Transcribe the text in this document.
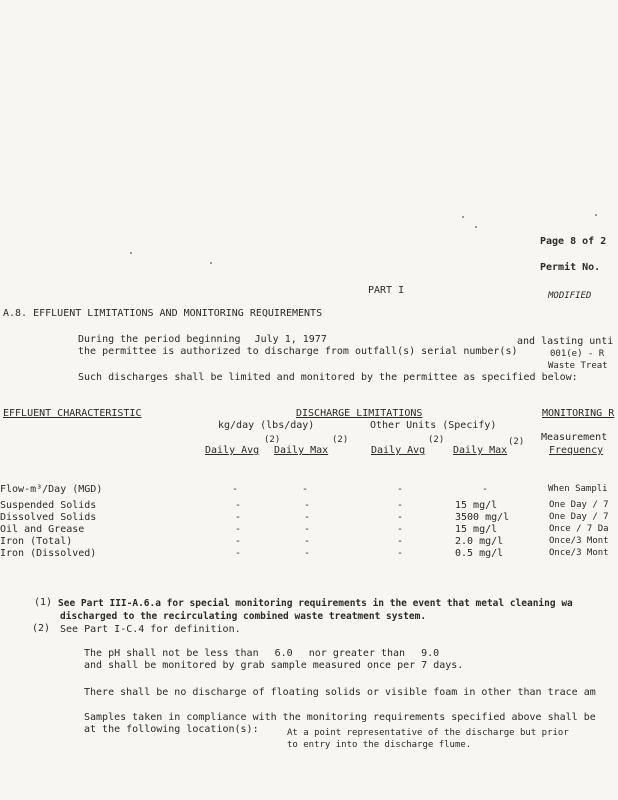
Page 8 of 2
Permit No.
MODIFIED
PART I
A.8. EFFLUENT LIMITATIONS AND MONITORING REQUIREMENTS
During the period beginning July 1, 1977	and lasting unti
the permittee is authorized to discharge from outfall(s) serial number(s)	001(e) - R
Waste Treat
Such discharges shall be limited and monitored by the permittee as specified below:
EFFLUENT CHARACTERISTIC	DISCHARGE LIMITATIONS	MONITORING R
kg/day (lbs/day)	Other Units (Specify)
(2)	(2)	(2)	(2)
Daily Avg Daily Max	Daily Avg	Daily Max
Measurement
Frequency
Flow-m³/Day (MGD)	-	-	-	-	When Sampli
Suspended Solids	-	-	-	15 mg/l	One Day / 7
Dissolved Solids	-	-	-	3500 mg/l	One Day / 7
Oil and Grease	-	-	-	15 mg/l	Once / 7 Da
Iron (Total)	-	-	-	2.0 mg/l	Once/3 Mont
Iron (Dissolved)	-	-	-	0.5 mg/l	Once/3 Mont
(1) See Part III-A.6.a for special monitoring requirements in the event that metal cleaning wa
discharged to the recirculating combined waste treatment system.
(2) See Part I-C.4 for definition.
The pH shall not be less than 6.0 nor greater than 9.0
and shall be monitored by grab sample measured once per 7 days.
There shall be no discharge of floating solids or visible foam in other than trace am
Samples taken in compliance with the monitoring requirements specified above shall be
at the following location(s):	At a point representative of the discharge but prior
to entry into the discharge flume.
